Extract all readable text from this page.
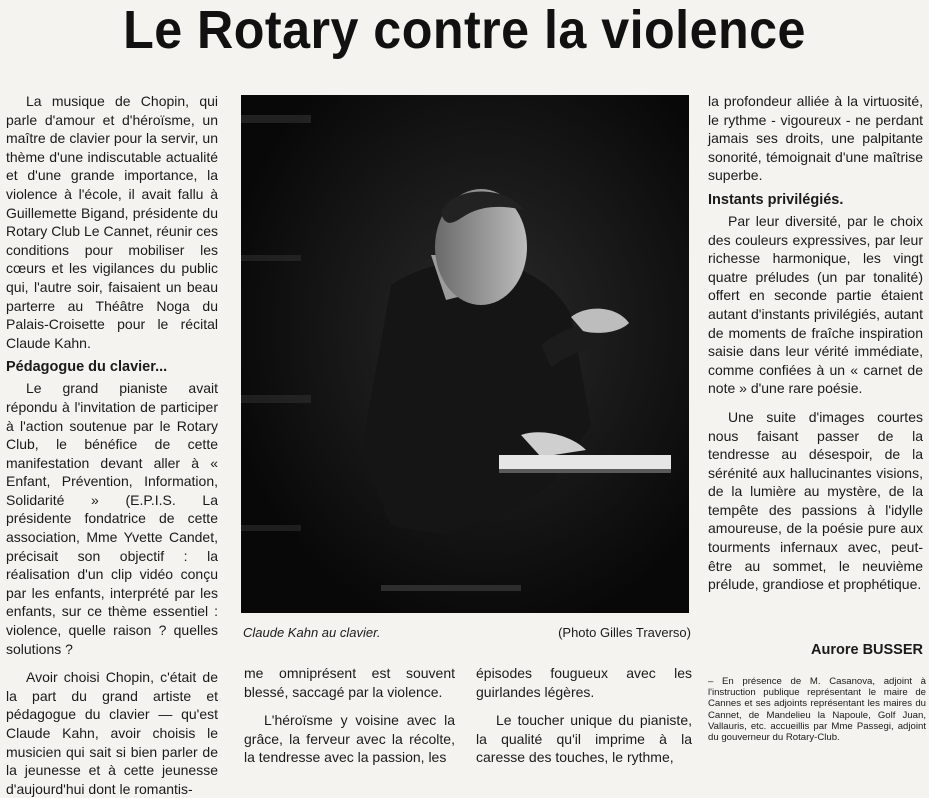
Le Rotary contre la violence

La musique de Chopin, qui parle d'amour et d'héroïsme, un maître de clavier pour la servir, un thème d'une indiscutable actualité et d'une grande importance, la violence à l'école, il avait fallu à Guillemette Bigand, présidente du Rotary Club Le Cannet, réunir ces conditions pour mobiliser les cœurs et les vigilances du public qui, l'autre soir, faisaient un beau parterre au Théâtre Noga du Palais-Croisette pour le récital Claude Kahn.

Pédagogue du clavier...

Le grand pianiste avait répondu à l'invitation de participer à l'action soutenue par le Rotary Club, le bénéfice de cette manifestation devant aller à « Enfant, Prévention, Information, Solidarité » (E.P.I.S. La présidente fondatrice de cette association, Mme Yvette Candet, précisait son objectif : la réalisation d'un clip vidéo conçu par les enfants, interprété par les enfants, sur ce thème essentiel : violence, quelle raison ? quelles solutions ?

Avoir choisi Chopin, c'était de la part du grand artiste et pédagogue du clavier — qu'est Claude Kahn, avoir choisis le musicien qui sait si bien parler de la jeunesse et à cette jeunesse d'aujourd'hui dont le romantis-

Claude Kahn au clavier.	(Photo Gilles Traverso)

me omniprésent est souvent blessé, saccagé par la violence.

L'héroïsme y voisine avec la grâce, la ferveur avec la récolte, la tendresse avec la passion, les

épisodes fougueux avec les guirlandes légères.

Le toucher unique du pianiste, la qualité qu'il imprime à la caresse des touches, le rythme,

la profondeur alliée à la virtuosité, le rythme - vigoureux - ne perdant jamais ses droits, une palpitante sonorité, témoignait d'une maîtrise superbe.

Instants privilégiés.

Par leur diversité, par le choix des couleurs expressives, par leur richesse harmonique, les vingt quatre préludes (un par tonalité) offert en seconde partie étaient autant d'instants privilégiés, autant de moments de fraîche inspiration saisie dans leur vérité immédiate, comme confiées à un « carnet de note » d'une rare poésie.

Une suite d'images courtes nous faisant passer de la tendresse au désespoir, de la sérénité aux hallucinantes visions, de la lumière au mystère, de la tempête des passions à l'idylle amoureuse, de la poésie pure aux tourments infernaux avec, peut-être au sommet, le neuvième prélude, grandiose et prophétique.

Aurore BUSSER
– En présence de M. Casanova, adjoint à l'instruction publique représentant le maire de Cannes et ses adjoints représentant les maires du Cannet, de Mandelieu la Napoule, Golf Juan, Vallauris, etc. accueillis par Mme Passegi, adjoint du gouverneur du Rotary-Club.
